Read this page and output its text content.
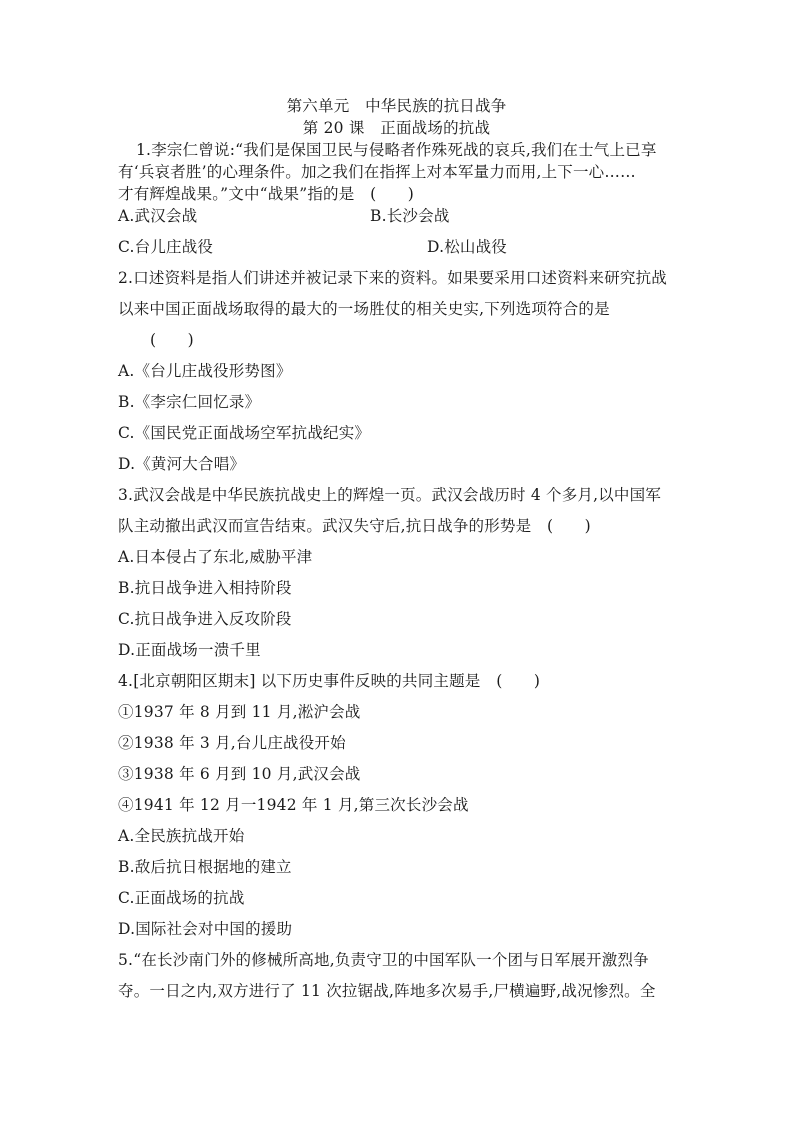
第六单元　中华民族的抗日战争
第 20 课　正面战场的抗战
1.李宗仁曾说:“我们是保国卫民与侵略者作殊死战的哀兵,我们在士气上已享
有‘兵哀者胜’的心理条件。加之我们在指挥上对本军量力而用,上下一心……
才有辉煌战果。”文中“战果”指的是　(　　)
A.武汉会战	B.长沙会战
C.台儿庄战役	D.松山战役
2.口述资料是指人们讲述并被记录下来的资料。如果要采用口述资料来研究抗战
以来中国正面战场取得的最大的一场胜仗的相关史实,下列选项符合的是
(　　)
A.《台儿庄战役形势图》
B.《李宗仁回忆录》
C.《国民党正面战场空军抗战纪实》
D.《黄河大合唱》
3.武汉会战是中华民族抗战史上的辉煌一页。武汉会战历时 4 个多月,以中国军
队主动撤出武汉而宣告结束。武汉失守后,抗日战争的形势是　(　　)
A.日本侵占了东北,威胁平津
B.抗日战争进入相持阶段
C.抗日战争进入反攻阶段
D.正面战场一溃千里
4.[北京朝阳区期末] 以下历史事件反映的共同主题是　(　　)
①1937 年 8 月到 11 月,淞沪会战
②1938 年 3 月,台儿庄战役开始
③1938 年 6 月到 10 月,武汉会战
④1941 年 12 月一1942 年 1 月,第三次长沙会战
A.全民族抗战开始
B.敌后抗日根据地的建立
C.正面战场的抗战
D.国际社会对中国的援助
5.“在长沙南门外的修械所高地,负责守卫的中国军队一个团与日军展开激烈争
夺。一日之内,双方进行了 11 次拉锯战,阵地多次易手,尸横遍野,战况惨烈。全
